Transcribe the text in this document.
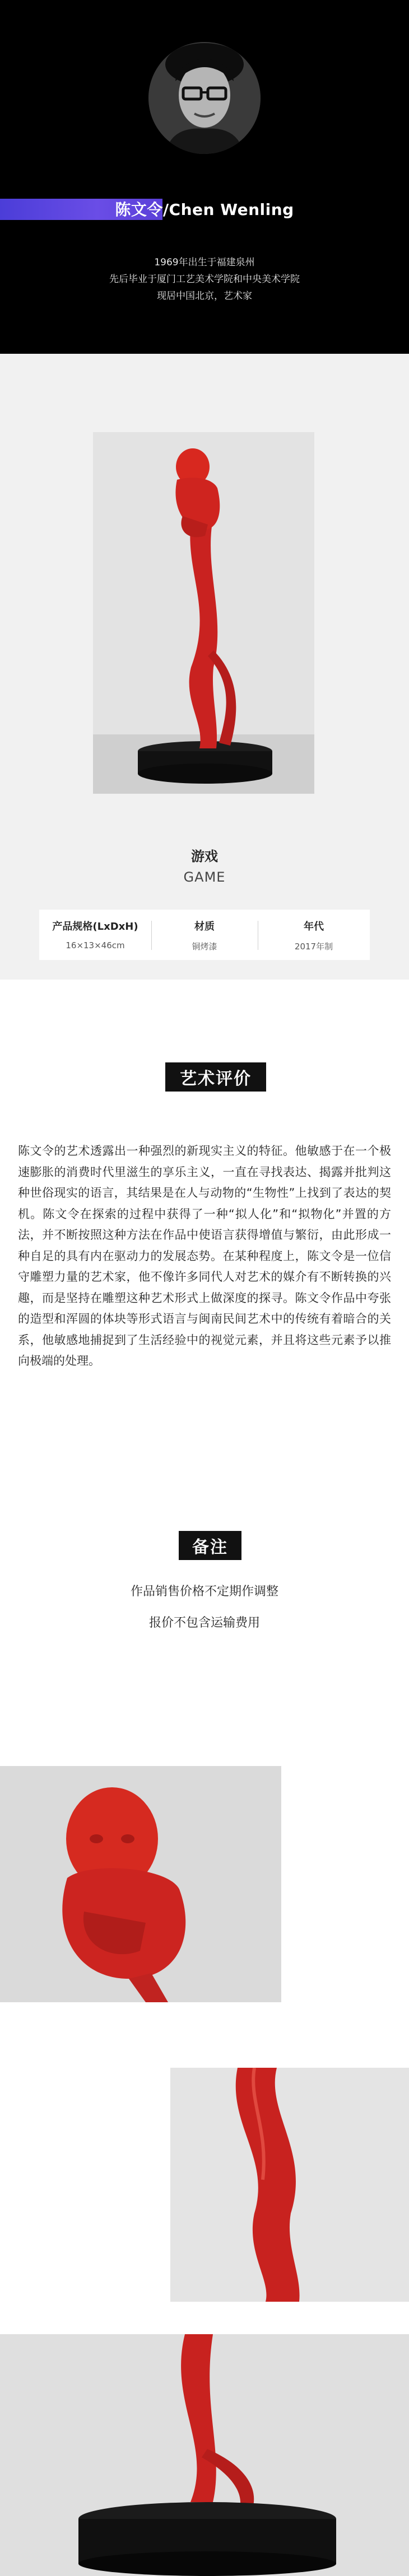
陈文令/Chen Wenling
1969年出生于福建泉州
先后毕业于厦门工艺美术学院和中央美术学院
现居中国北京，艺术家
游戏
GAME
产品规格(LxDxH)
16×13×46cm
材质
铜烤漆
年代
2017年制
艺术评价
陈文令的艺术透露出一种强烈的新现实主义的特征。他敏感于在一个极速膨胀的消费时代里滋生的享乐主义，一直在寻找表达、揭露并批判这种世俗现实的语言，其结果是在人与动物的“生物性”上找到了表达的契机。陈文令在探索的过程中获得了一种“拟人化”和“拟物化”并置的方法，并不断按照这种方法在作品中使语言获得增值与繁衍，由此形成一种自足的具有内在驱动力的发展态势。在某种程度上，陈文令是一位信守雕塑力量的艺术家，他不像许多同代人对艺术的媒介有不断转换的兴趣，而是坚持在雕塑这种艺术形式上做深度的探寻。陈文令作品中夸张的造型和浑圆的体块等形式语言与闽南民间艺术中的传统有着暗合的关系，他敏感地捕捉到了生活经验中的视觉元素，并且将这些元素予以推向极端的处理。
备注
作品销售价格不定期作调整
报价不包含运输费用
